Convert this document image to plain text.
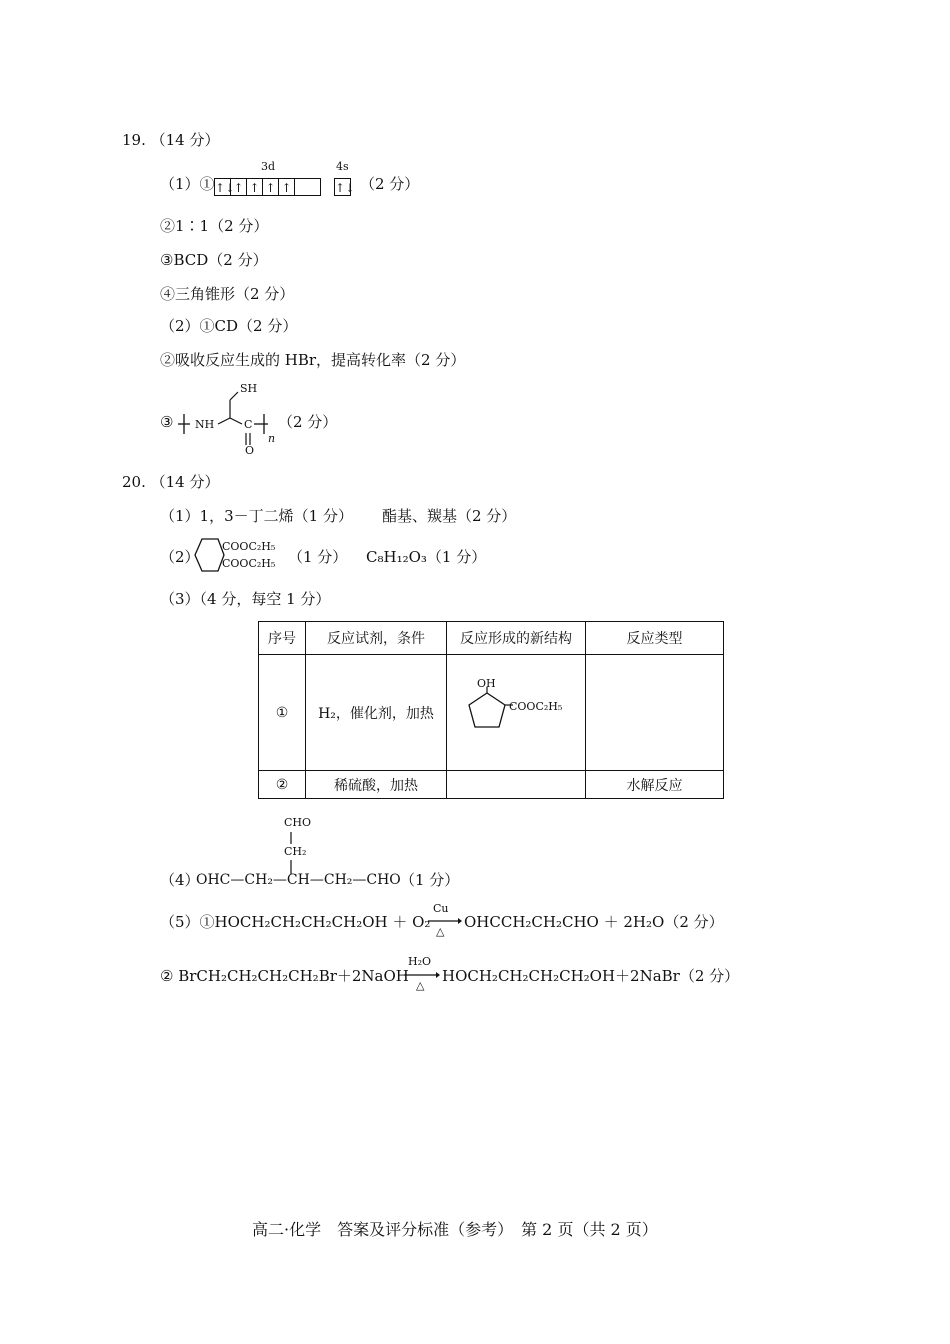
19. （14 分）
（1）①
3d	4s
↑↓↑ ↑ ↑ ↑	↑↓ （2 分）
②1∶1（2 分）
③BCD（2 分）
④三角锥形（2 分）
（2）①CD（2 分）
②吸收反应生成的 HBr，提高转化率（2 分）
③
SH
NH	C
O
n
（2 分）
20. （14 分）
（1）1，3－丁二烯（1 分） 酯基、羰基（2 分）
（2）
COOC₂H₅
COOC₂H₅ （1 分） C₈H₁₂O₃（1 分）
（3）（4 分，每空 1 分）
序号	反应试剂，条件	反应形成的新结构	反应类型
①	H₂，催化剂，加热	OH
COOC₂H₅	

②	稀硫酸，加热		水解反应
CHO
CH₂
（4）
OHC—CH₂—CH—CH₂—CHO （1 分）
（5）①HOCH₂CH₂CH₂CH₂OH ＋ O₂
Cu
△
OHCCH₂CH₂CHO ＋ 2H₂O（2 分）
② BrCH₂CH₂CH₂CH₂Br＋2NaOH
H₂O
△
HOCH₂CH₂CH₂CH₂OH＋2NaBr（2 分）
高二·化学　答案及评分标准（参考）　第 2 页（共 2 页）
